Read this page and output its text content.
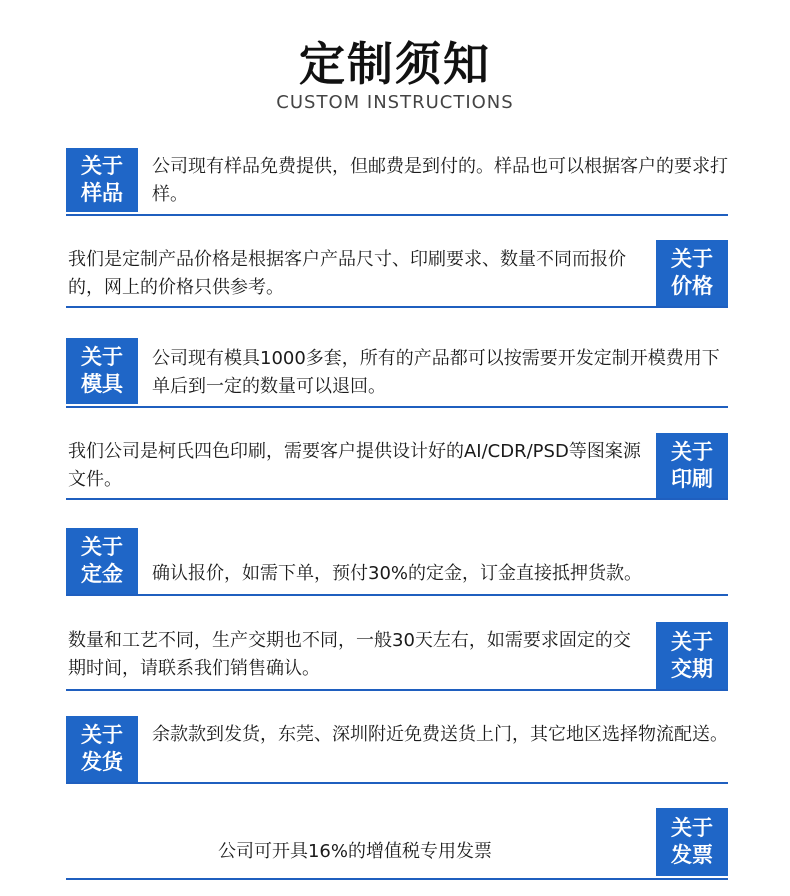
定制须知
CUSTOM INSTRUCTIONS
关于
样品
公司现有样品免费提供，但邮费是到付的。样品也可以根据客户的要求打样。
关于
价格
我们是定制产品价格是根据客户产品尺寸、印刷要求、数量不同而报价的，网上的价格只供参考。
关于
模具
公司现有模具1000多套，所有的产品都可以按需要开发定制开模费用下单后到一定的数量可以退回。
关于
印刷
我们公司是柯氏四色印刷，需要客户提供设计好的AI/CDR/PSD等图案源文件。
关于
定金	确认报价，如需下单，预付30%的定金，订金直接抵押货款。
关于
交期
数量和工艺不同，生产交期也不同，一般30天左右，如需要求固定的交期时间，请联系我们销售确认。
关于
发货
余款款到发货，东莞、深圳附近免费送货上门，其它地区选择物流配送。
关于
发票
公司可开具16%的增值税专用发票
